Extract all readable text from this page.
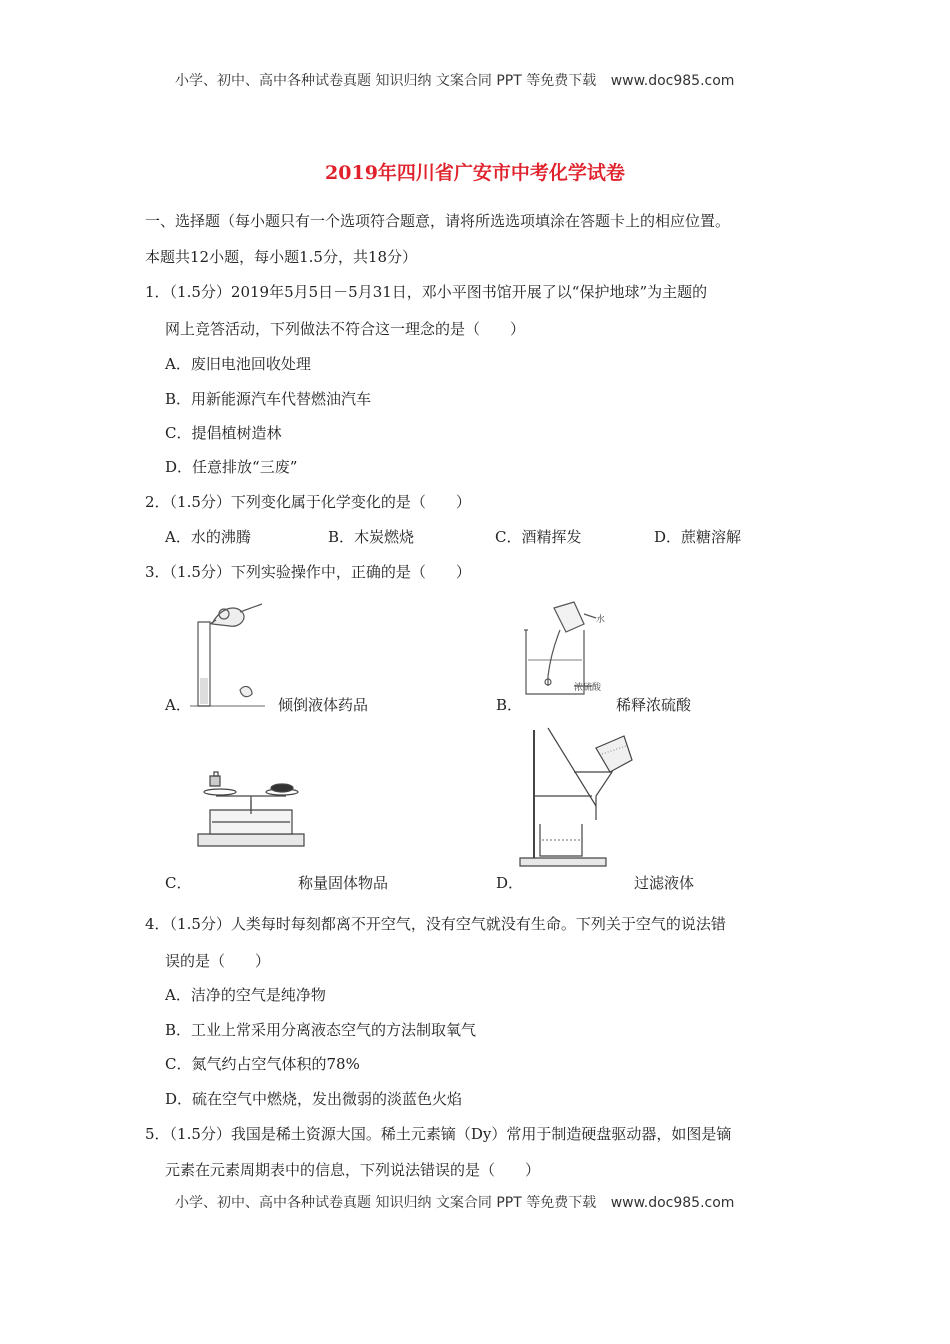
小学、初中、高中各种试卷真题 知识归纳 文案合同 PPT 等免费下载 www.doc985.com
2019年四川省广安市中考化学试卷
一、选择题（每小题只有一个选项符合题意，请将所选选项填涂在答题卡上的相应位置。
本题共12小题，每小题1.5分，共18分）
1．（1.5分）2019年5月5日－5月31日，邓小平图书馆开展了以“保护地球”为主题的
网上竞答活动，下列做法不符合这一理念的是（　　）
A．废旧电池回收处理
B．用新能源汽车代替燃油汽车
C．提倡植树造林
D．任意排放“三废”
2．（1.5分）下列变化属于化学变化的是（　　）
A．水的沸腾	B．木炭燃烧	C．酒精挥发	D．蔗糖溶解
3．（1.5分）下列实验操作中，正确的是（　　）
A．	倾倒液体药品
水
浓硫酸
B．	稀释浓硫酸
C．	称量固体物品	D．	过滤液体
4．（1.5分）人类每时每刻都离不开空气，没有空气就没有生命。下列关于空气的说法错
误的是（　　）
A．洁净的空气是纯净物
B．工业上常采用分离液态空气的方法制取氧气
C．氮气约占空气体积的78%
D．硫在空气中燃烧，发出微弱的淡蓝色火焰
5．（1.5分）我国是稀土资源大国。稀土元素镝（Dy）常用于制造硬盘驱动器，如图是镝
元素在元素周期表中的信息，下列说法错误的是（　　）
小学、初中、高中各种试卷真题 知识归纳 文案合同 PPT 等免费下载 www.doc985.com
